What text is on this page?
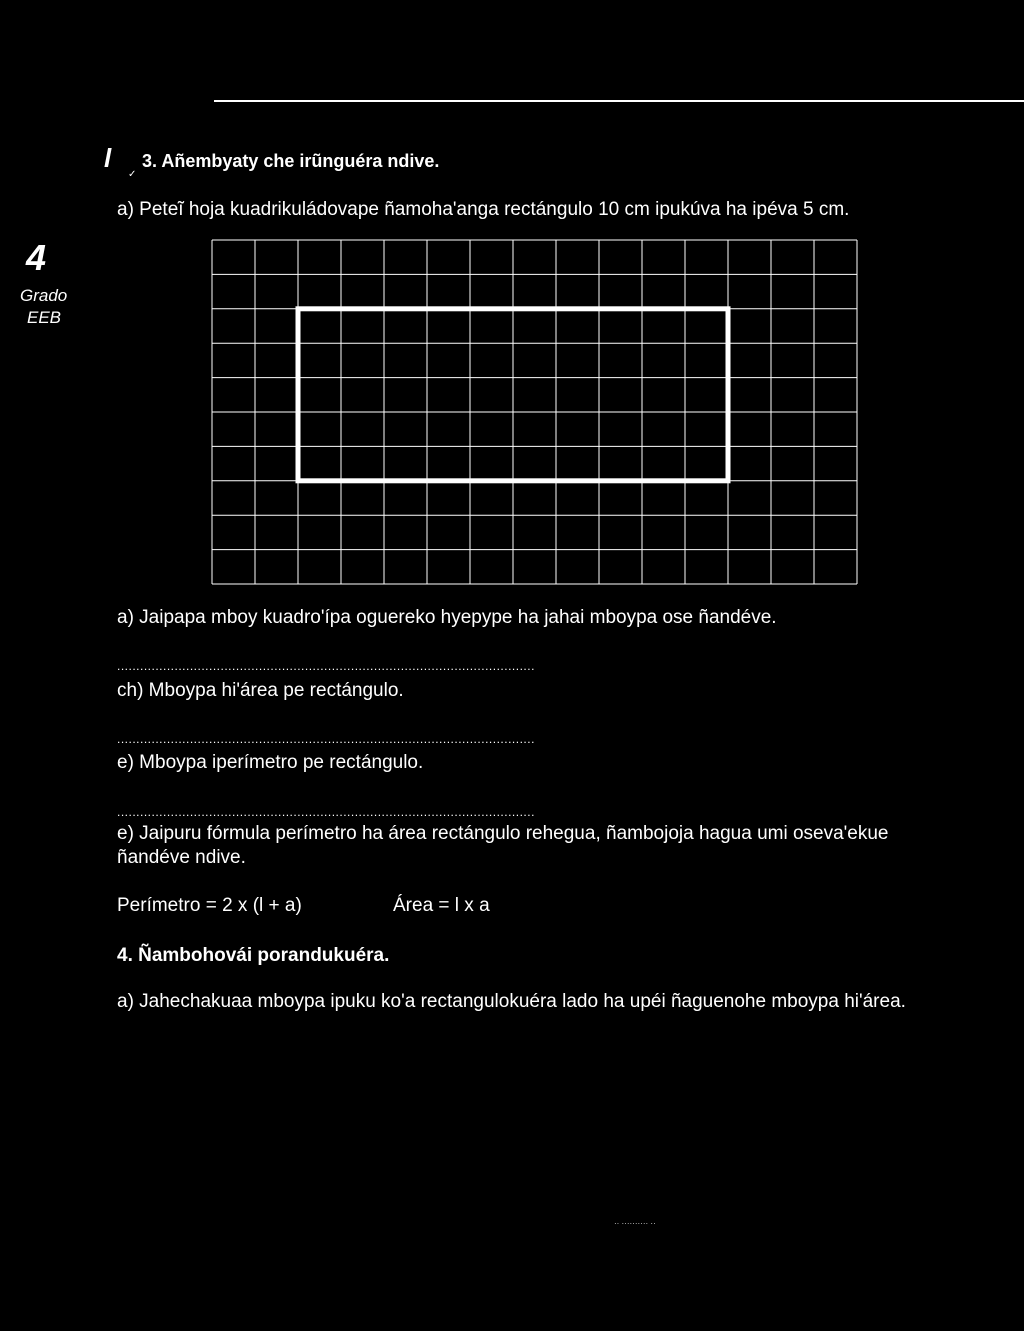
4
Grado
EEB
l
✓
3. Añembyaty che irũnguéra ndive.
a) Peteĩ hoja kuadrikuládovape ñamoha'anga rectángulo 10 cm ipukúva ha ipéva 5 cm.
a) Jaipapa mboy kuadro'ípa oguereko hyepype ha jahai mboypa ose ñandéve.
.............................................................................................................
ch) Mboypa hi'área pe rectángulo.
.............................................................................................................
e) Mboypa iperímetro pe rectángulo.
.............................................................................................................
e) Jaipuru fórmula perímetro ha área rectángulo rehegua, ñambojoja hagua umi oseva'ekue ñandéve ndive.
Perímetro = 2 x (l + a)	Área = l x a
4. Ñambohovái porandukuéra.
a) Jahechakuaa mboypa ipuku ko'a rectangulokuéra lado ha upéi ñaguenohe mboypa hi'área.
·· ·········· ··
